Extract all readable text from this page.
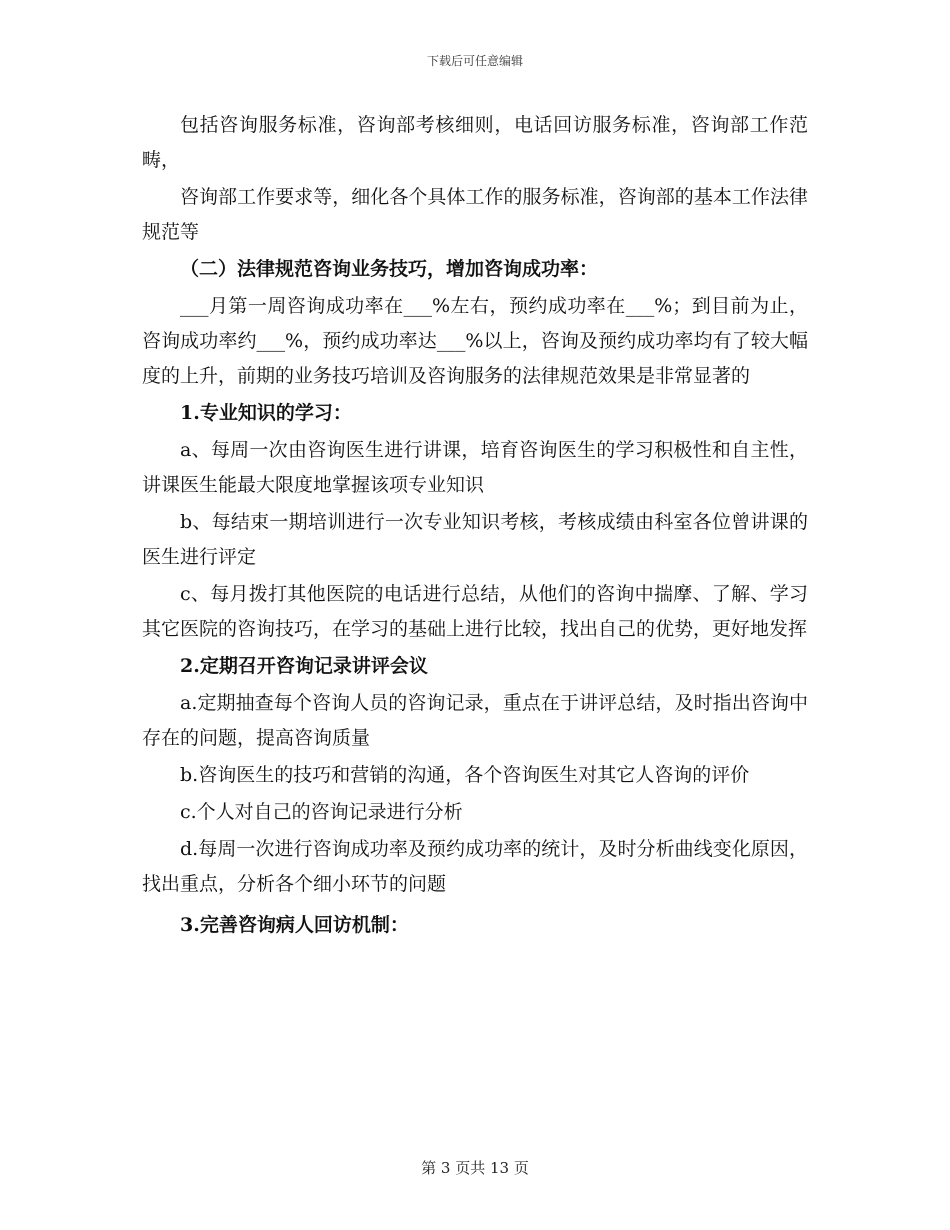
下载后可任意编辑

包括咨询服务标准，咨询部考核细则，电话回访服务标准，咨询部工作范畴，

咨询部工作要求等，细化各个具体工作的服务标准，咨询部的基本工作法律规范等

（二）法律规范咨询业务技巧，增加咨询成功率：

___月第一周咨询成功率在___%左右，预约成功率在___%；到目前为止，咨询成功率约___%，预约成功率达___%以上，咨询及预约成功率均有了较大幅度的上升，前期的业务技巧培训及咨询服务的法律规范效果是非常显著的

1.专业知识的学习：

a、每周一次由咨询医生进行讲课，培育咨询医生的学习积极性和自主性，讲课医生能最大限度地掌握该项专业知识

b、每结束一期培训进行一次专业知识考核，考核成绩由科室各位曾讲课的医生进行评定

c、每月拨打其他医院的电话进行总结，从他们的咨询中揣摩、了解、学习其它医院的咨询技巧，在学习的基础上进行比较，找出自己的优势，更好地发挥

2.定期召开咨询记录讲评会议

a.定期抽查每个咨询人员的咨询记录，重点在于讲评总结，及时指出咨询中存在的问题，提高咨询质量

b.咨询医生的技巧和营销的沟通，各个咨询医生对其它人咨询的评价

c.个人对自己的咨询记录进行分析

d.每周一次进行咨询成功率及预约成功率的统计，及时分析曲线变化原因，找出重点，分析各个细小环节的问题

3.完善咨询病人回访机制：

第 3 页共 13 页
